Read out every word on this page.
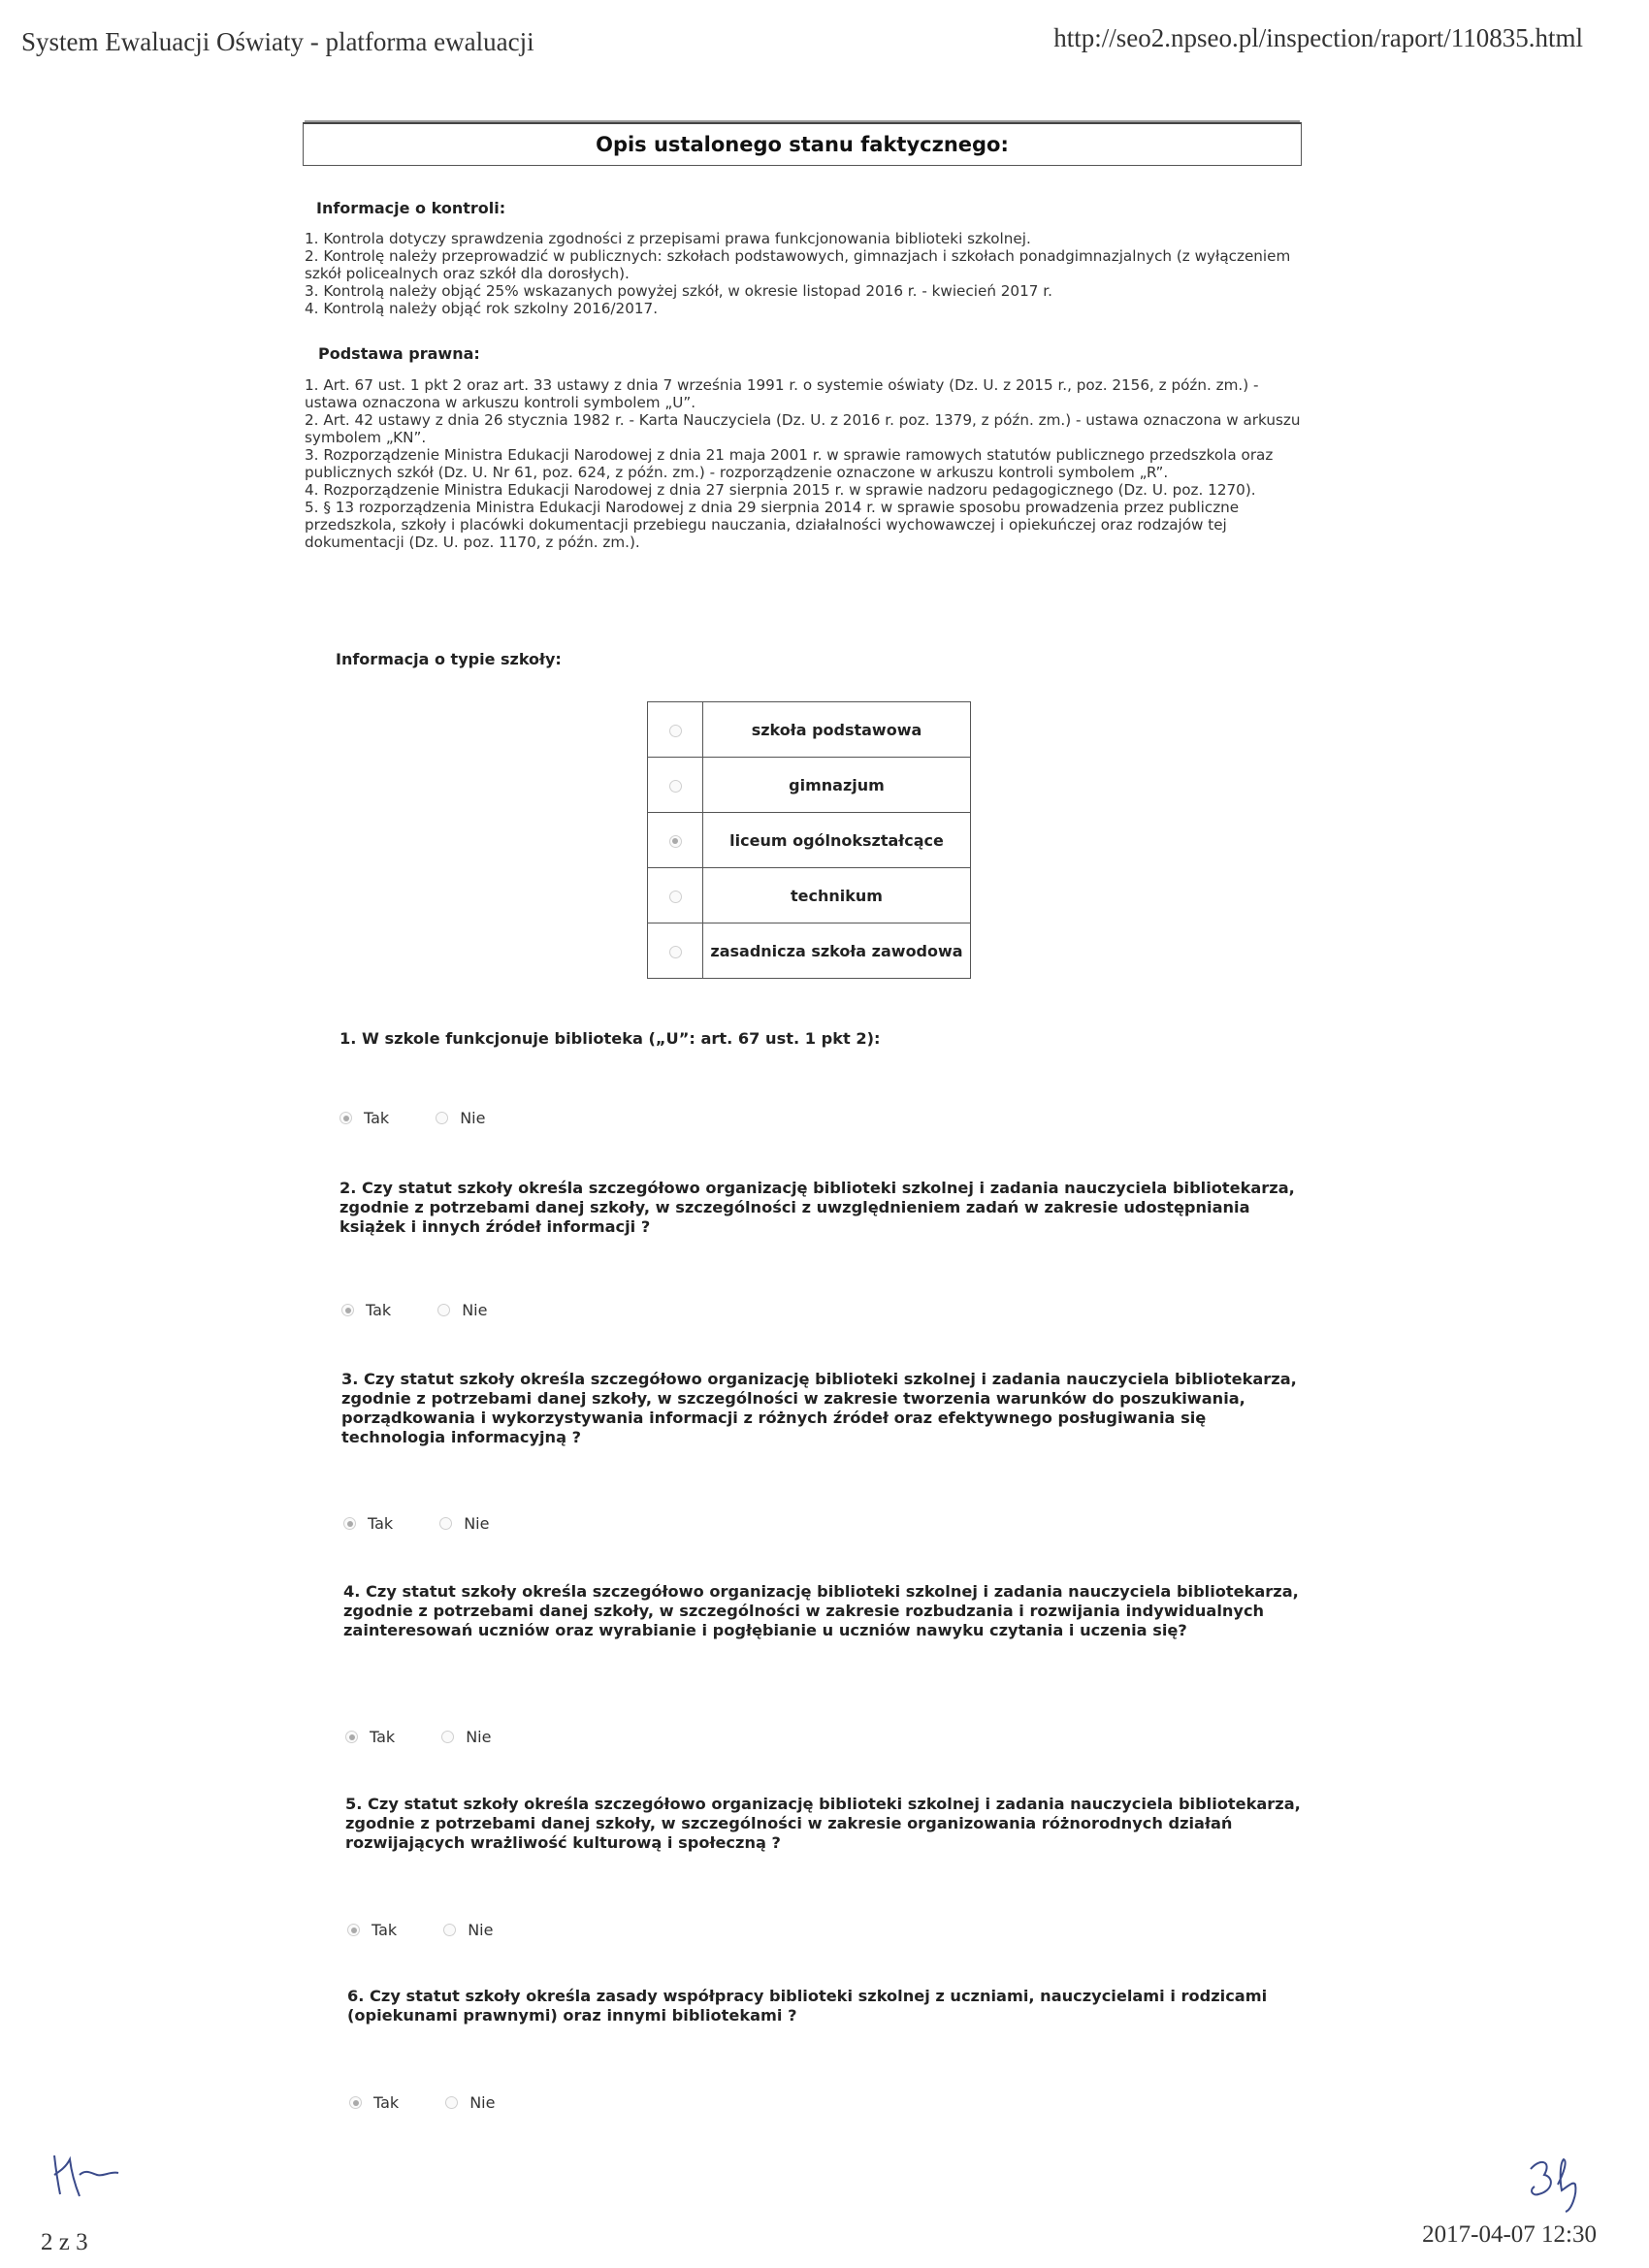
System Ewaluacji Oświaty - platforma ewaluacji	http://seo2.npseo.pl/inspection/raport/110835.html
Opis ustalonego stanu faktycznego:
Informacje o kontroli:

1. Kontrola dotyczy sprawdzenia zgodności z przepisami prawa funkcjonowania biblioteki szkolnej.

2. Kontrolę należy przeprowadzić w publicznych: szkołach podstawowych, gimnazjach i szkołach ponadgimnazjalnych (z wyłączeniem szkół policealnych oraz szkół dla dorosłych).

3. Kontrolą należy objąć 25% wskazanych powyżej szkół, w okresie listopad 2016 r. - kwiecień 2017 r.

4. Kontrolą należy objąć rok szkolny 2016/2017.

Podstawa prawna:

1. Art. 67 ust. 1 pkt 2 oraz art. 33 ustawy z dnia 7 września 1991 r. o systemie oświaty (Dz. U. z 2015 r., poz. 2156, z późn. zm.) - ustawa oznaczona w arkuszu kontroli symbolem „U”.

2. Art. 42 ustawy z dnia 26 stycznia 1982 r. - Karta Nauczyciela (Dz. U. z 2016 r. poz. 1379, z późn. zm.) - ustawa oznaczona w arkuszu symbolem „KN”.

3. Rozporządzenie Ministra Edukacji Narodowej z dnia 21 maja 2001 r. w sprawie ramowych statutów publicznego przedszkola oraz publicznych szkół (Dz. U. Nr 61, poz. 624, z późn. zm.) - rozporządzenie oznaczone w arkuszu kontroli symbolem „R”.

4. Rozporządzenie Ministra Edukacji Narodowej z dnia 27 sierpnia 2015 r. w sprawie nadzoru pedagogicznego (Dz. U. poz. 1270).

5. § 13 rozporządzenia Ministra Edukacji Narodowej z dnia 29 sierpnia 2014 r. w sprawie sposobu prowadzenia przez publiczne przedszkola, szkoły i placówki dokumentacji przebiegu nauczania, działalności wychowawczej i opiekuńczej oraz rodzajów tej dokumentacji (Dz. U. poz. 1170, z późn. zm.).

Informacja o typie szkoły:
	szkoła podstawowa
	gimnazjum
	liceum ogólnokształcące
	technikum
	zasadnicza szkoła zawodowa
1. W szkole funkcjonuje biblioteka („U”: art. 67 ust. 1 pkt 2):
Tak	Nie
2. Czy statut szkoły określa szczegółowo organizację biblioteki szkolnej i zadania nauczyciela bibliotekarza, zgodnie z potrzebami danej szkoły, w szczególności z uwzględnieniem zadań w zakresie udostępniania książek i innych źródeł informacji ?
Tak	Nie
3. Czy statut szkoły określa szczegółowo organizację biblioteki szkolnej i zadania nauczyciela bibliotekarza, zgodnie z potrzebami danej szkoły, w szczególności w zakresie tworzenia warunków do poszukiwania, porządkowania i wykorzystywania informacji z różnych źródeł oraz efektywnego posługiwania się technologia informacyjną ?
Tak	Nie
4. Czy statut szkoły określa szczegółowo organizację biblioteki szkolnej i zadania nauczyciela bibliotekarza, zgodnie z potrzebami danej szkoły, w szczególności w zakresie rozbudzania i rozwijania indywidualnych zainteresowań uczniów oraz wyrabianie i pogłębianie u uczniów nawyku czytania i uczenia się?
Tak	Nie
5. Czy statut szkoły określa szczegółowo organizację biblioteki szkolnej i zadania nauczyciela bibliotekarza, zgodnie z potrzebami danej szkoły, w szczególności w zakresie organizowania różnorodnych działań rozwijających wrażliwość kulturową i społeczną ?
Tak	Nie
6. Czy statut szkoły określa zasady współpracy biblioteki szkolnej z uczniami, nauczycielami i rodzicami (opiekunami prawnymi) oraz innymi bibliotekami ?
Tak	Nie
2 z 3	2017-04-07 12:30
